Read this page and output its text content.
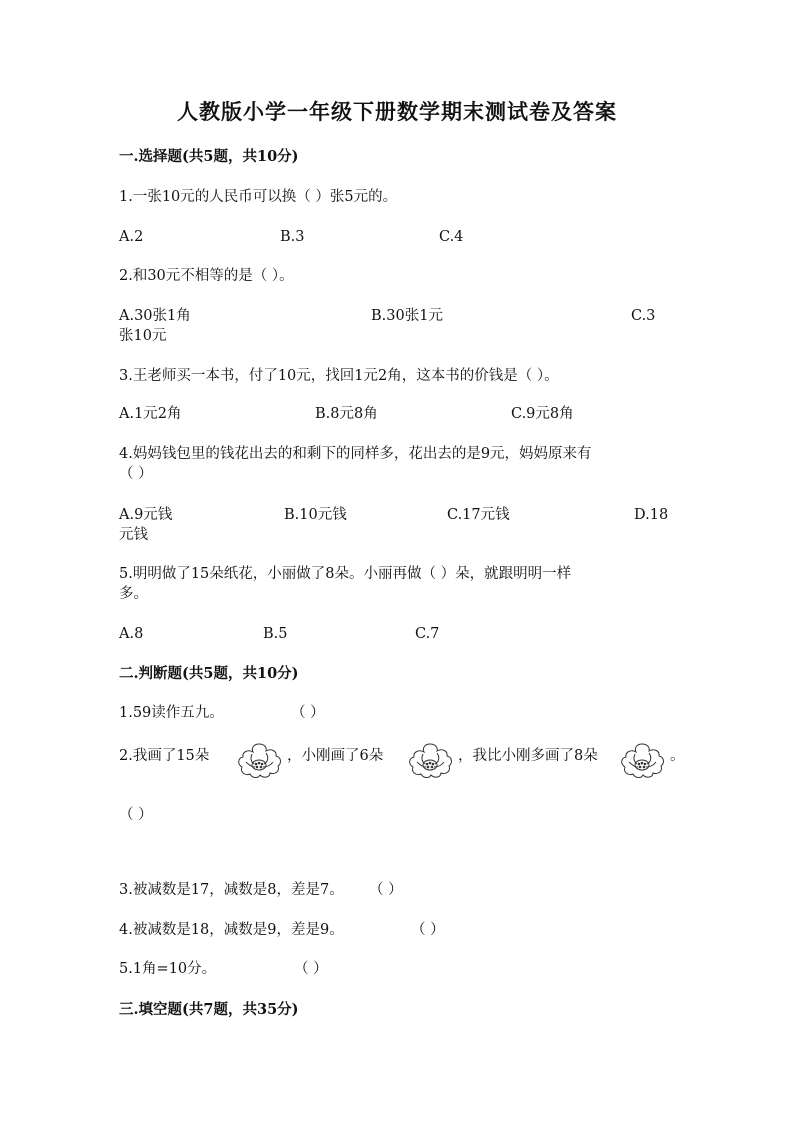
人教版小学一年级下册数学期末测试卷及答案
一.选择题(共5题，共10分)
1.一张10元的人民币可以换（ ）张5元的。
A.2	B.3	C.4
2.和30元不相等的是（ ）。
A.30张1角	B.30张1元	C.3
张10元
3.王老师买一本书，付了10元，找回1元2角，这本书的价钱是（ ）。
A.1元2角	B.8元8角	C.9元8角
4.妈妈钱包里的钱花出去的和剩下的同样多，花出去的是9元，妈妈原来有
（ ）
A.9元钱	B.10元钱	C.17元钱	D.18
元钱
5.明明做了15朵纸花，小丽做了8朵。小丽再做（ ）朵，就跟明明一样
多。
A.8	B.5	C.7
二.判断题(共5题，共10分)
1.59读作五九。	（ ）
2.我画了15朵	，小刚画了6朵	，我比小刚多画了8朵	。
（ ）
3.被减数是17，减数是8，差是7。 （ ）
4.被减数是18，减数是9，差是9。	（ ）
5.1角=10分。	（ ）
三.填空题(共7题，共35分)
